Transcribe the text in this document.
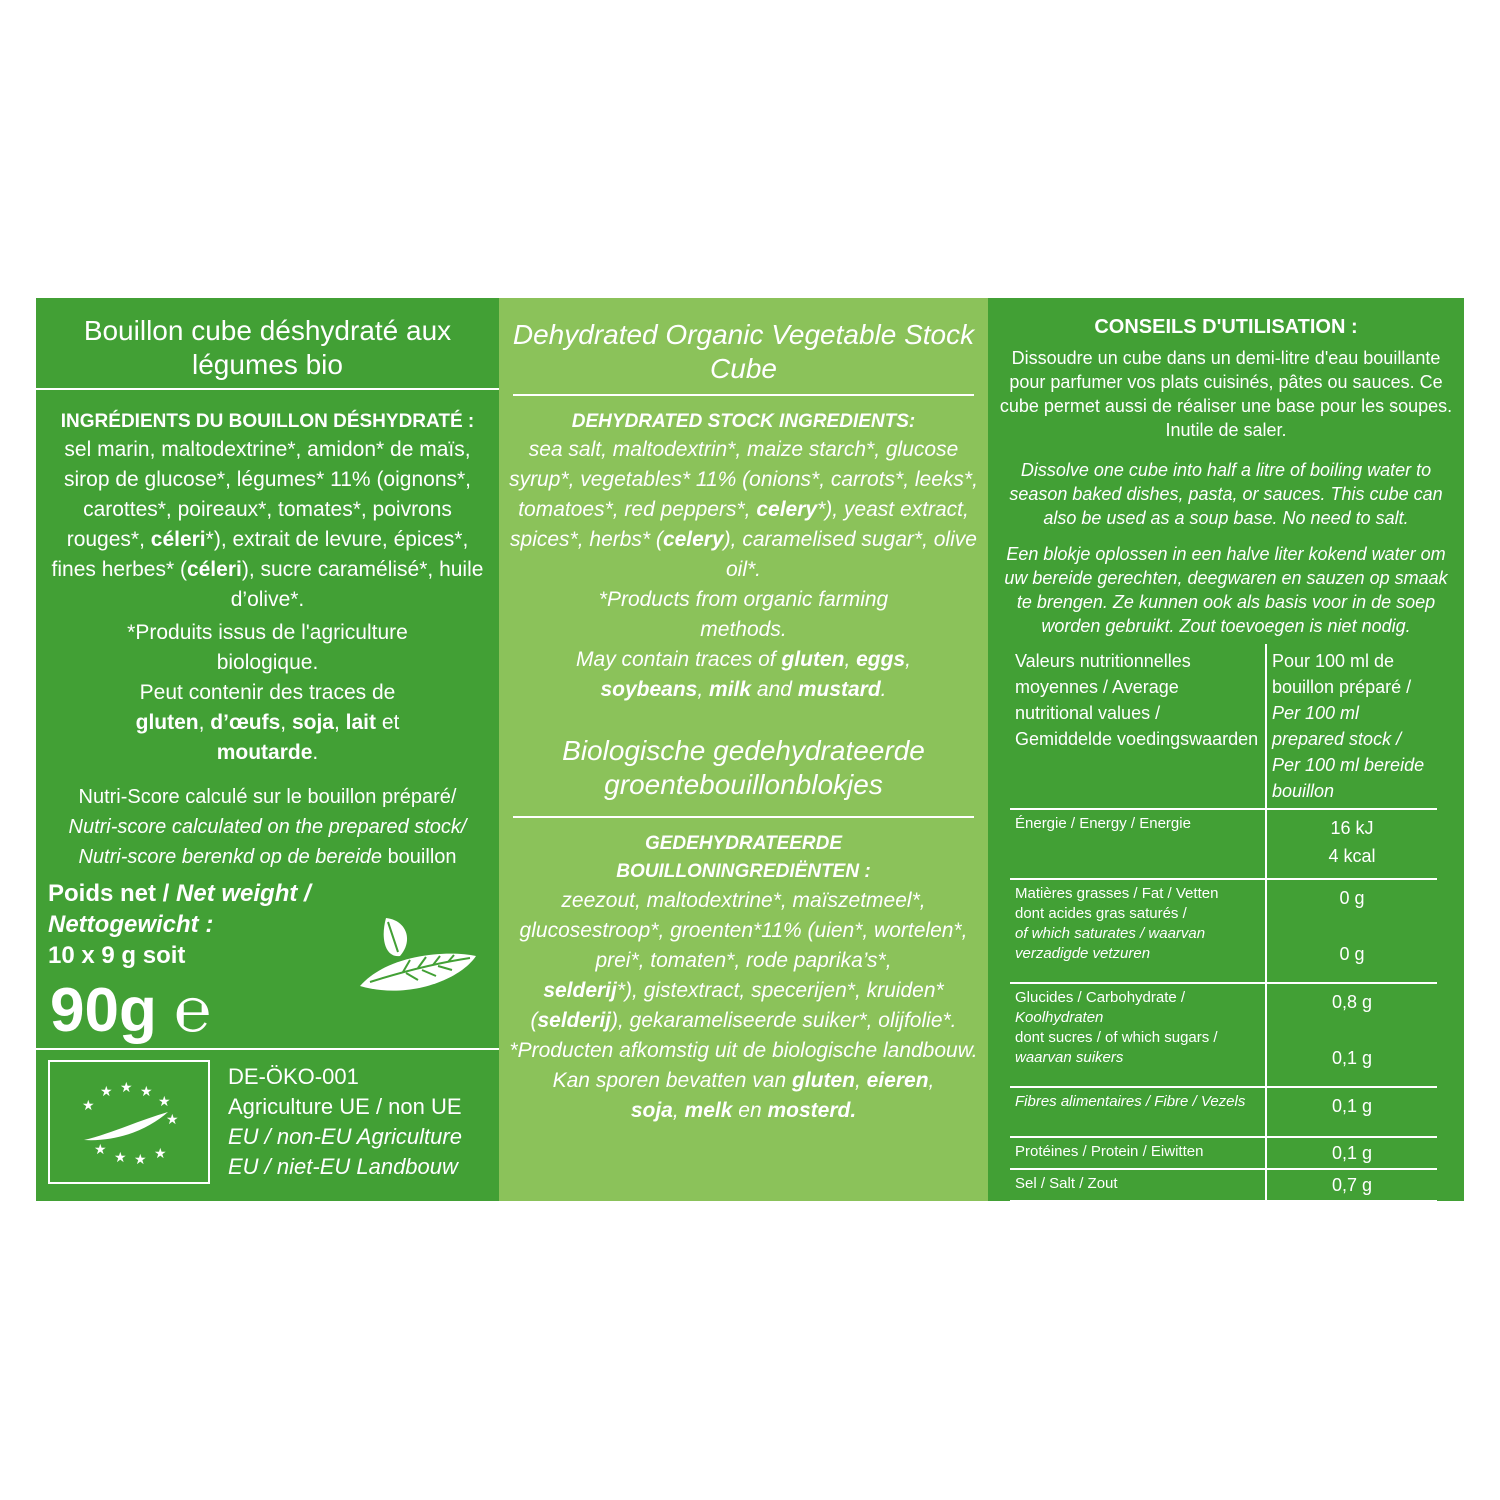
Bouillon cube déshydraté aux légumes bio
INGRÉDIENTS DU BOUILLON DÉSHYDRATÉ :
sel marin, maltodextrine*, amidon* de maïs, sirop de glucose*, légumes* 11% (oignons*, carottes*, poireaux*, tomates*, poivrons rouges*, céleri*), extrait de levure, épices*, fines herbes* (céleri), sucre caramélisé*, huile d’olive*.
*Produits issus de l'agriculture biologique.
Peut contenir des traces de
gluten, d’œufs, soja, lait et
moutarde.
Nutri-Score calculé sur le bouillon préparé/
Nutri-score calculated on the prepared stock/
Nutri-score berenkd op de bereide bouillon
Poids net / Net weight /
Nettogewicht :
10 x 9 g soit
90g ℮
★ ★ ★
★
★
★
★
★
★
★
DE-ÖKO-001
Agriculture UE / non UE
EU / non-EU Agriculture
EU / niet-EU Landbouw
Dehydrated Organic Vegetable Stock Cube
DEHYDRATED STOCK INGREDIENTS:
sea salt, maltodextrin*, maize starch*, glucose syrup*, vegetables* 11% (onions*, carrots*, leeks*, tomatoes*, red peppers*, celery*), yeast extract, spices*, herbs* (celery), caramelised sugar*, olive oil*.
*Products from organic farming methods.
May contain traces of gluten, eggs,
soybeans, milk and mustard.
Biologische gedehydrateerde groentebouillonblokjes
GEDEHYDRATEERDE BOUILLONINGREDIËNTEN :
zeezout, maltodextrine*, maïszetmeel*, glucosestroop*, groenten*11% (uien*, wortelen*, prei*, tomaten*, rode paprika’s*,
selderij*), gistextract, specerijen*, kruiden* (selderij), gekarameliseerde suiker*, olijfolie*. *Producten afkomstig uit de biologische landbouw.
Kan sporen bevatten van gluten, eieren,
soja, melk en mosterd.
CONSEILS D'UTILISATION :
Dissoudre un cube dans un demi-litre d'eau bouillante pour parfumer vos plats cuisinés, pâtes ou sauces. Ce cube permet aussi de réaliser une base pour les soupes. Inutile de saler.
Dissolve one cube into half a litre of boiling water to season baked dishes, pasta, or sauces. This cube can also be used as a soup base. No need to salt.
Een blokje oplossen in een halve liter kokend water om uw bereide gerechten, deegwaren en sauzen op smaak te brengen. Ze kunnen ook als basis voor in de soep worden gebruikt. Zout toevoegen is niet nodig.
Valeurs nutritionnelles moyennes / Average nutritional values / Gemiddelde voedingswaarden	Pour 100 ml de bouillon préparé / Per 100 ml prepared stock / Per 100 ml bereide bouillon
Énergie / Energy / Energie	16 kJ
4 kcal
Matières grasses / Fat / Vetten
dont acides gras saturés /
of which saturates / waarvan verzadigde vetzuren	0 g

0 g
Glucides / Carbohydrate /
Koolhydraten
dont sucres / of which sugars /
waarvan suikers	0,8 g

0,1 g
Fibres alimentaires / Fibre / Vezels	0,1 g
Protéines / Protein / Eiwitten	0,1 g
Sel / Salt / Zout	0,7 g
